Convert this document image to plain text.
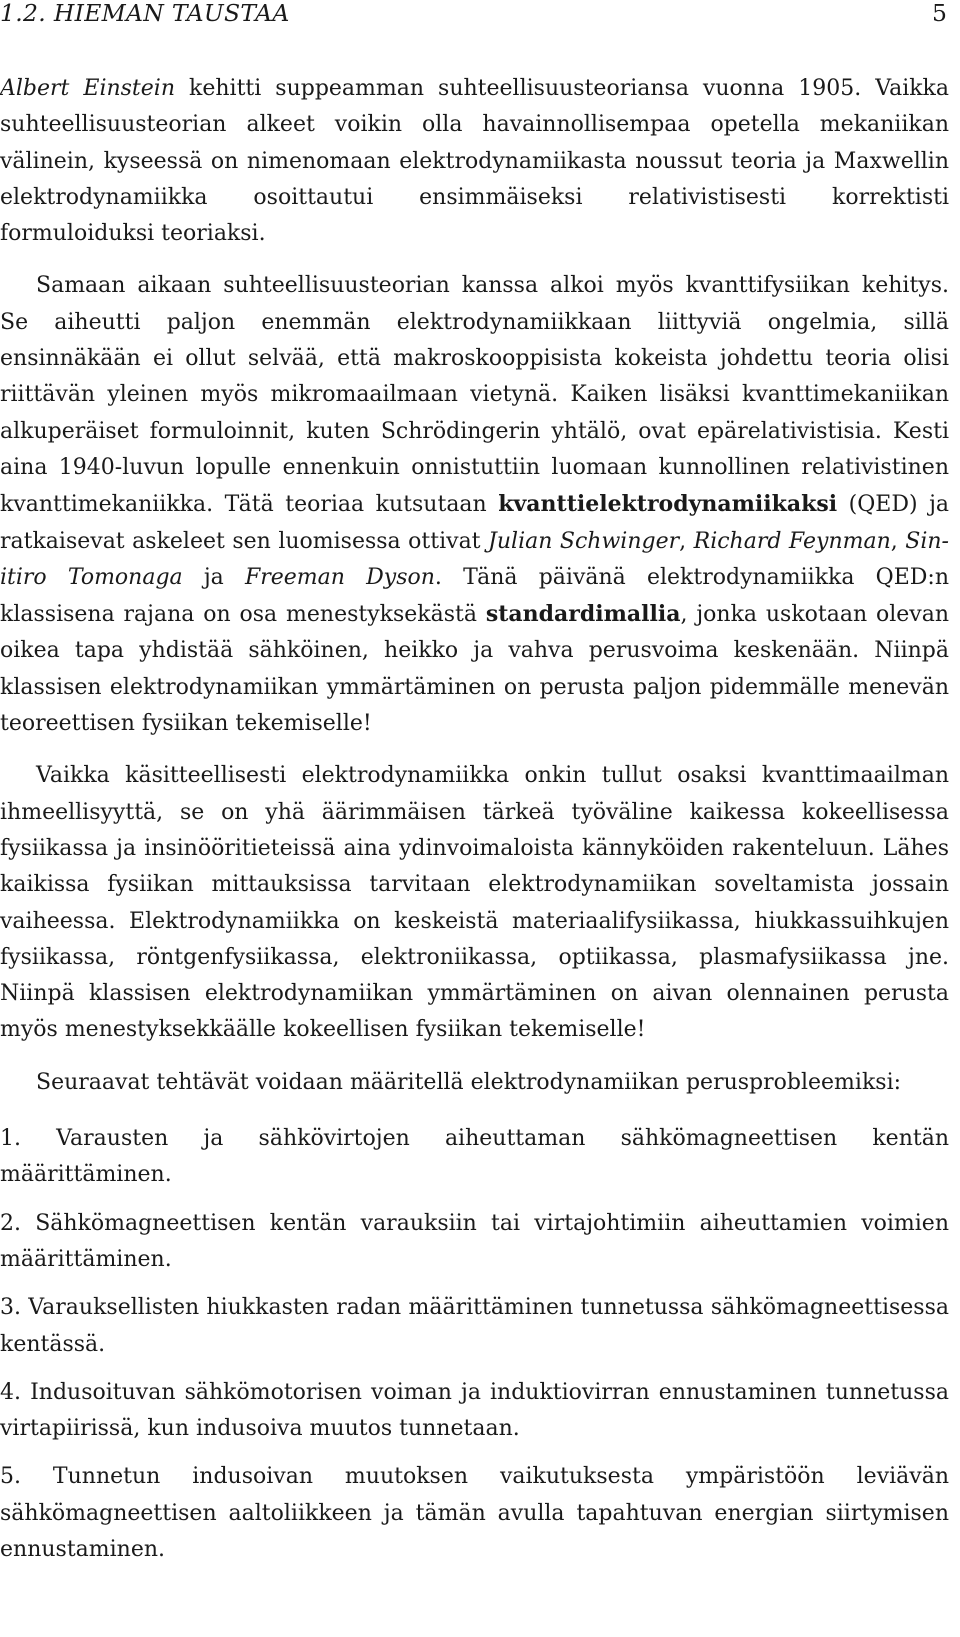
1.2. HIEMAN TAUSTAA	5

Albert Einstein kehitti suppeamman suhteellisuusteoriansa vuonna 1905. Vaikka suhteellisuusteorian alkeet voikin olla havainnollisempaa opetella mekaniikan välinein, kyseessä on nimenomaan elektrodynamiikasta noussut teoria ja Maxwellin elektrodynamiikka osoittautui ensimmäiseksi relativistisesti korrektisti formuloiduksi teoriaksi.

Samaan aikaan suhteellisuusteorian kanssa alkoi myös kvanttifysiikan kehitys. Se aiheutti paljon enemmän elektrodynamiikkaan liittyviä ongelmia, sillä ensinnäkään ei ollut selvää, että makroskooppisista kokeista johdettu teoria olisi riittävän yleinen myös mikromaailmaan vietynä. Kaiken lisäksi kvanttimekaniikan alkuperäiset formuloinnit, kuten Schrödingerin yhtälö, ovat epärelativistisia. Kesti aina 1940-luvun lopulle ennenkuin onnistuttiin luomaan kunnollinen relativistinen kvanttimekaniikka. Tätä teoriaa kutsutaan kvanttielektrodynamiikaksi (QED) ja ratkaisevat askeleet sen luomisessa ottivat Julian Schwinger, Richard Feynman, Sin-itiro Tomonaga ja Freeman Dyson. Tänä päivänä elektrodynamiikka QED:n klassisena rajana on osa menestyksekästä standardimallia, jonka uskotaan olevan oikea tapa yhdistää sähköinen, heikko ja vahva perusvoima keskenään. Niinpä klassisen elektrodynamiikan ymmärtäminen on perusta paljon pidemmälle menevän teoreettisen fysiikan tekemiselle!

Vaikka käsitteellisesti elektrodynamiikka onkin tullut osaksi kvanttimaailman ihmeellisyyttä, se on yhä äärimmäisen tärkeä työväline kaikessa kokeellisessa fysiikassa ja insinööritieteissä aina ydinvoimaloista kännyköiden rakenteluun. Lähes kaikissa fysiikan mittauksissa tarvitaan elektrodynamiikan soveltamista jossain vaiheessa. Elektrodynamiikka on keskeistä materiaalifysiikassa, hiukkassuihkujen fysiikassa, röntgenfysiikassa, elektroniikassa, optiikassa, plasmafysiikassa jne. Niinpä klassisen elektrodynamiikan ymmärtäminen on aivan olennainen perusta myös menestyksekkäälle kokeellisen fysiikan tekemiselle!

Seuraavat tehtävät voidaan määritellä elektrodynamiikan perusprobleemiksi:

1. Varausten ja sähkövirtojen aiheuttaman sähkömagneettisen kentän määrittäminen.

2. Sähkömagneettisen kentän varauksiin tai virtajohtimiin aiheuttamien voimien määrittäminen.

3. Varauksellisten hiukkasten radan määrittäminen tunnetussa sähkömagneettisessa kentässä.

4. Indusoituvan sähkömotorisen voiman ja induktiovirran ennustaminen tunnetussa virtapiirissä, kun indusoiva muutos tunnetaan.

5. Tunnetun indusoivan muutoksen vaikutuksesta ympäristöön leviävän sähkömagneettisen aaltoliikkeen ja tämän avulla tapahtuvan energian siirtymisen ennustaminen.
